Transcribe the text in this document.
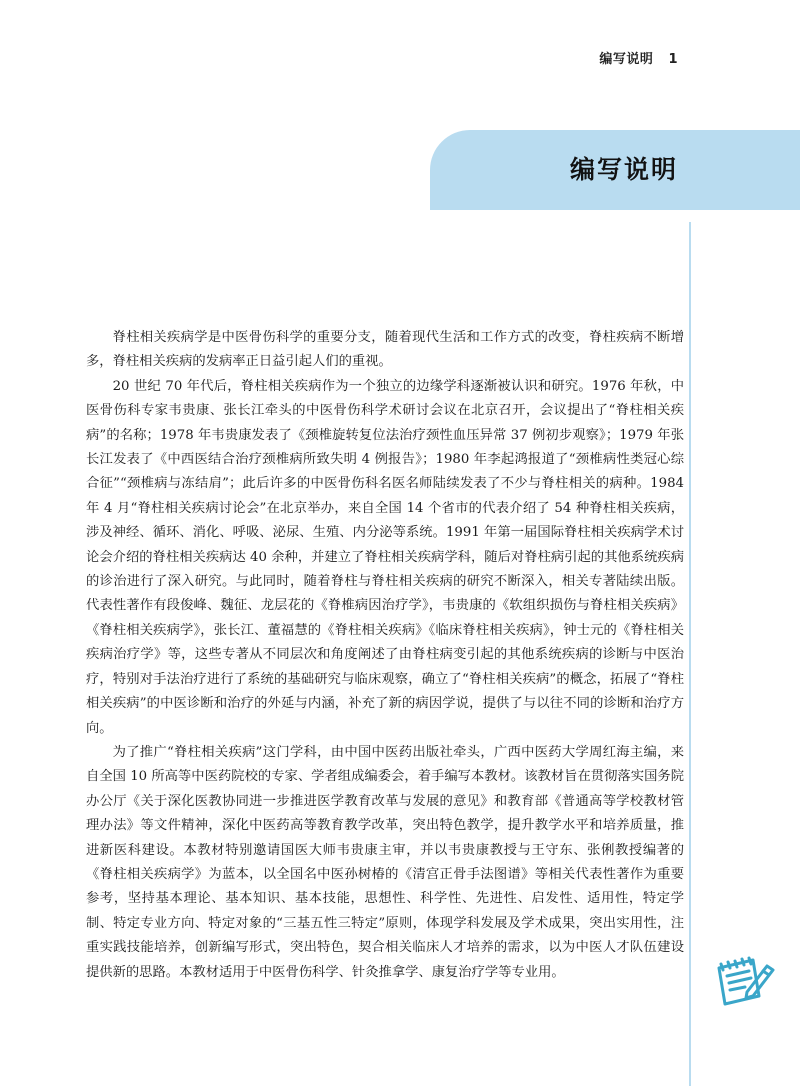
编写说明 1
编写说明

脊柱相关疾病学是中医骨伤科学的重要分支，随着现代生活和工作方式的改变，脊柱疾病不断增多，脊柱相关疾病的发病率正日益引起人们的重视。

20 世纪 70 年代后，脊柱相关疾病作为一个独立的边缘学科逐渐被认识和研究。1976 年秋，中医骨伤科专家韦贵康、张长江牵头的中医骨伤科学术研讨会议在北京召开，会议提出了“脊柱相关疾病”的名称；1978 年韦贵康发表了《颈椎旋转复位法治疗颈性血压异常 37 例初步观察》；1979 年张长江发表了《中西医结合治疗颈椎病所致失明 4 例报告》；1980 年李起鸿报道了“颈椎病性类冠心综合征”“颈椎病与冻结肩”；此后许多的中医骨伤科名医名师陆续发表了不少与脊柱相关的病种。1984 年 4 月“脊柱相关疾病讨论会”在北京举办，来自全国 14 个省市的代表介绍了 54 种脊柱相关疾病，涉及神经、循环、消化、呼吸、泌尿、生殖、内分泌等系统。1991 年第一届国际脊柱相关疾病学术讨论会介绍的脊柱相关疾病达 40 余种，并建立了脊柱相关疾病学科，随后对脊柱病引起的其他系统疾病的诊治进行了深入研究。与此同时，随着脊柱与脊柱相关疾病的研究不断深入，相关专著陆续出版。代表性著作有段俊峰、魏征、龙层花的《脊椎病因治疗学》，韦贵康的《软组织损伤与脊柱相关疾病》《脊柱相关疾病学》，张长江、董福慧的《脊柱相关疾病》《临床脊柱相关疾病》，钟士元的《脊柱相关疾病治疗学》等，这些专著从不同层次和角度阐述了由脊柱病变引起的其他系统疾病的诊断与中医治疗，特别对手法治疗进行了系统的基础研究与临床观察，确立了“脊柱相关疾病”的概念，拓展了“脊柱相关疾病”的中医诊断和治疗的外延与内涵，补充了新的病因学说，提供了与以往不同的诊断和治疗方向。

为了推广“脊柱相关疾病”这门学科，由中国中医药出版社牵头，广西中医药大学周红海主编，来自全国 10 所高等中医药院校的专家、学者组成编委会，着手编写本教材。该教材旨在贯彻落实国务院办公厅《关于深化医教协同进一步推进医学教育改革与发展的意见》和教育部《普通高等学校教材管理办法》等文件精神，深化中医药高等教育教学改革，突出特色教学，提升教学水平和培养质量，推进新医科建设。本教材特别邀请国医大师韦贵康主审，并以韦贵康教授与王守东、张俐教授编著的《脊柱相关疾病学》为蓝本，以全国名中医孙树椿的《清宫正骨手法图谱》等相关代表性著作为重要参考，坚持基本理论、基本知识、基本技能，思想性、科学性、先进性、启发性、适用性，特定学制、特定专业方向、特定对象的“三基五性三特定”原则，体现学科发展及学术成果，突出实用性，注重实践技能培养，创新编写形式，突出特色，契合相关临床人才培养的需求，以为中医人才队伍建设提供新的思路。本教材适用于中医骨伤科学、针灸推拿学、康复治疗学等专业用。
